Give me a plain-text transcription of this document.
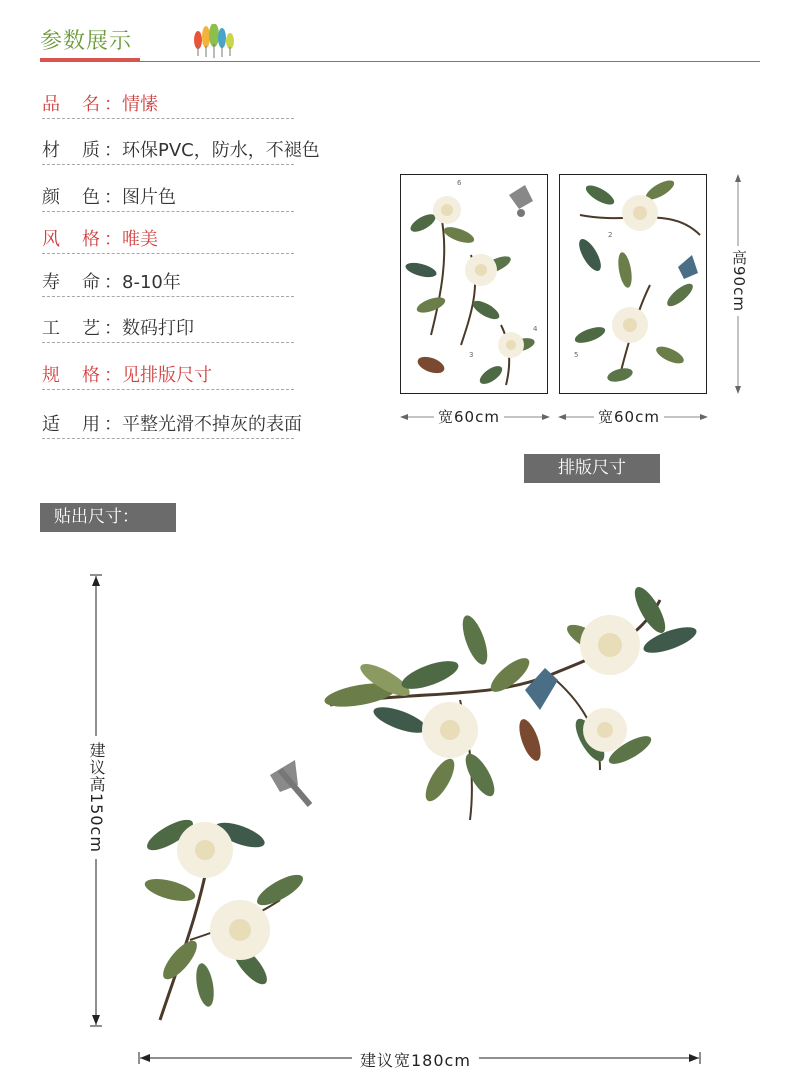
参数展示
品 名 ：情愫
材 质 ：环保PVC，防水，不褪色
颜 色 ：图片色
风 格 ：唯美
寿 命 ：8-10年
工 艺 ：数码打印
规 格 ：见排版尺寸
适 用 ：平整光滑不掉灰的表面
6
3
4
2
5
宽60cm	宽60cm
高90cm
排版尺寸
贴出尺寸：
建议高150cm
建议宽180cm
